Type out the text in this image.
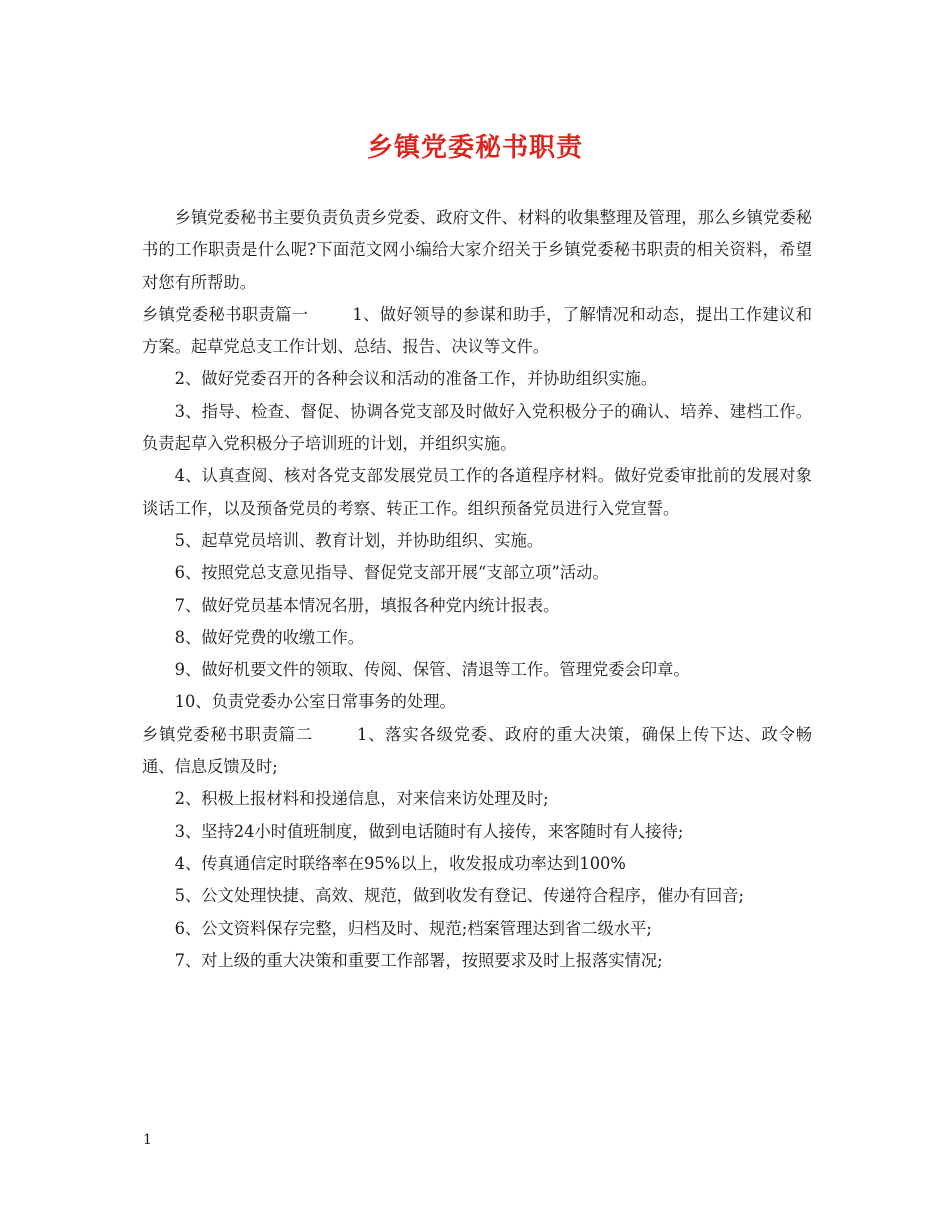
乡镇党委秘书职责

乡镇党委秘书主要负责负责乡党委、政府文件、材料的收集整理及管理，那么乡镇党委秘书的工作职责是什么呢?下面范文网小编给大家介绍关于乡镇党委秘书职责的相关资料，希望对您有所帮助。

乡镇党委秘书职责篇一	1、做好领导的参谋和助手，了解情况和动态，提出工作建议和方案。起草党总支工作计划、总结、报告、决议等文件。

2、做好党委召开的各种会议和活动的准备工作，并协助组织实施。

3、指导、检查、督促、协调各党支部及时做好入党积极分子的确认、培养、建档工作。负责起草入党积极分子培训班的计划，并组织实施。

4、认真查阅、核对各党支部发展党员工作的各道程序材料。做好党委审批前的发展对象谈话工作，以及预备党员的考察、转正工作。组织预备党员进行入党宣誓。

5、起草党员培训、教育计划，并协助组织、实施。

6、按照党总支意见指导、督促党支部开展“支部立项”活动。

7、做好党员基本情况名册，填报各种党内统计报表。

8、做好党费的收缴工作。

9、做好机要文件的领取、传阅、保管、清退等工作。管理党委会印章。

10、负责党委办公室日常事务的处理。

乡镇党委秘书职责篇二	1、落实各级党委、政府的重大决策，确保上传下达、政令畅通、信息反馈及时;

2、积极上报材料和投递信息，对来信来访处理及时;

3、坚持24小时值班制度，做到电话随时有人接传，来客随时有人接待;

4、传真通信定时联络率在95%以上，收发报成功率达到100%

5、公文处理快捷、高效、规范，做到收发有登记、传递符合程序，催办有回音;

6、公文资料保存完整，归档及时、规范;档案管理达到省二级水平;

7、对上级的重大决策和重要工作部署，按照要求及时上报落实情况;

1
